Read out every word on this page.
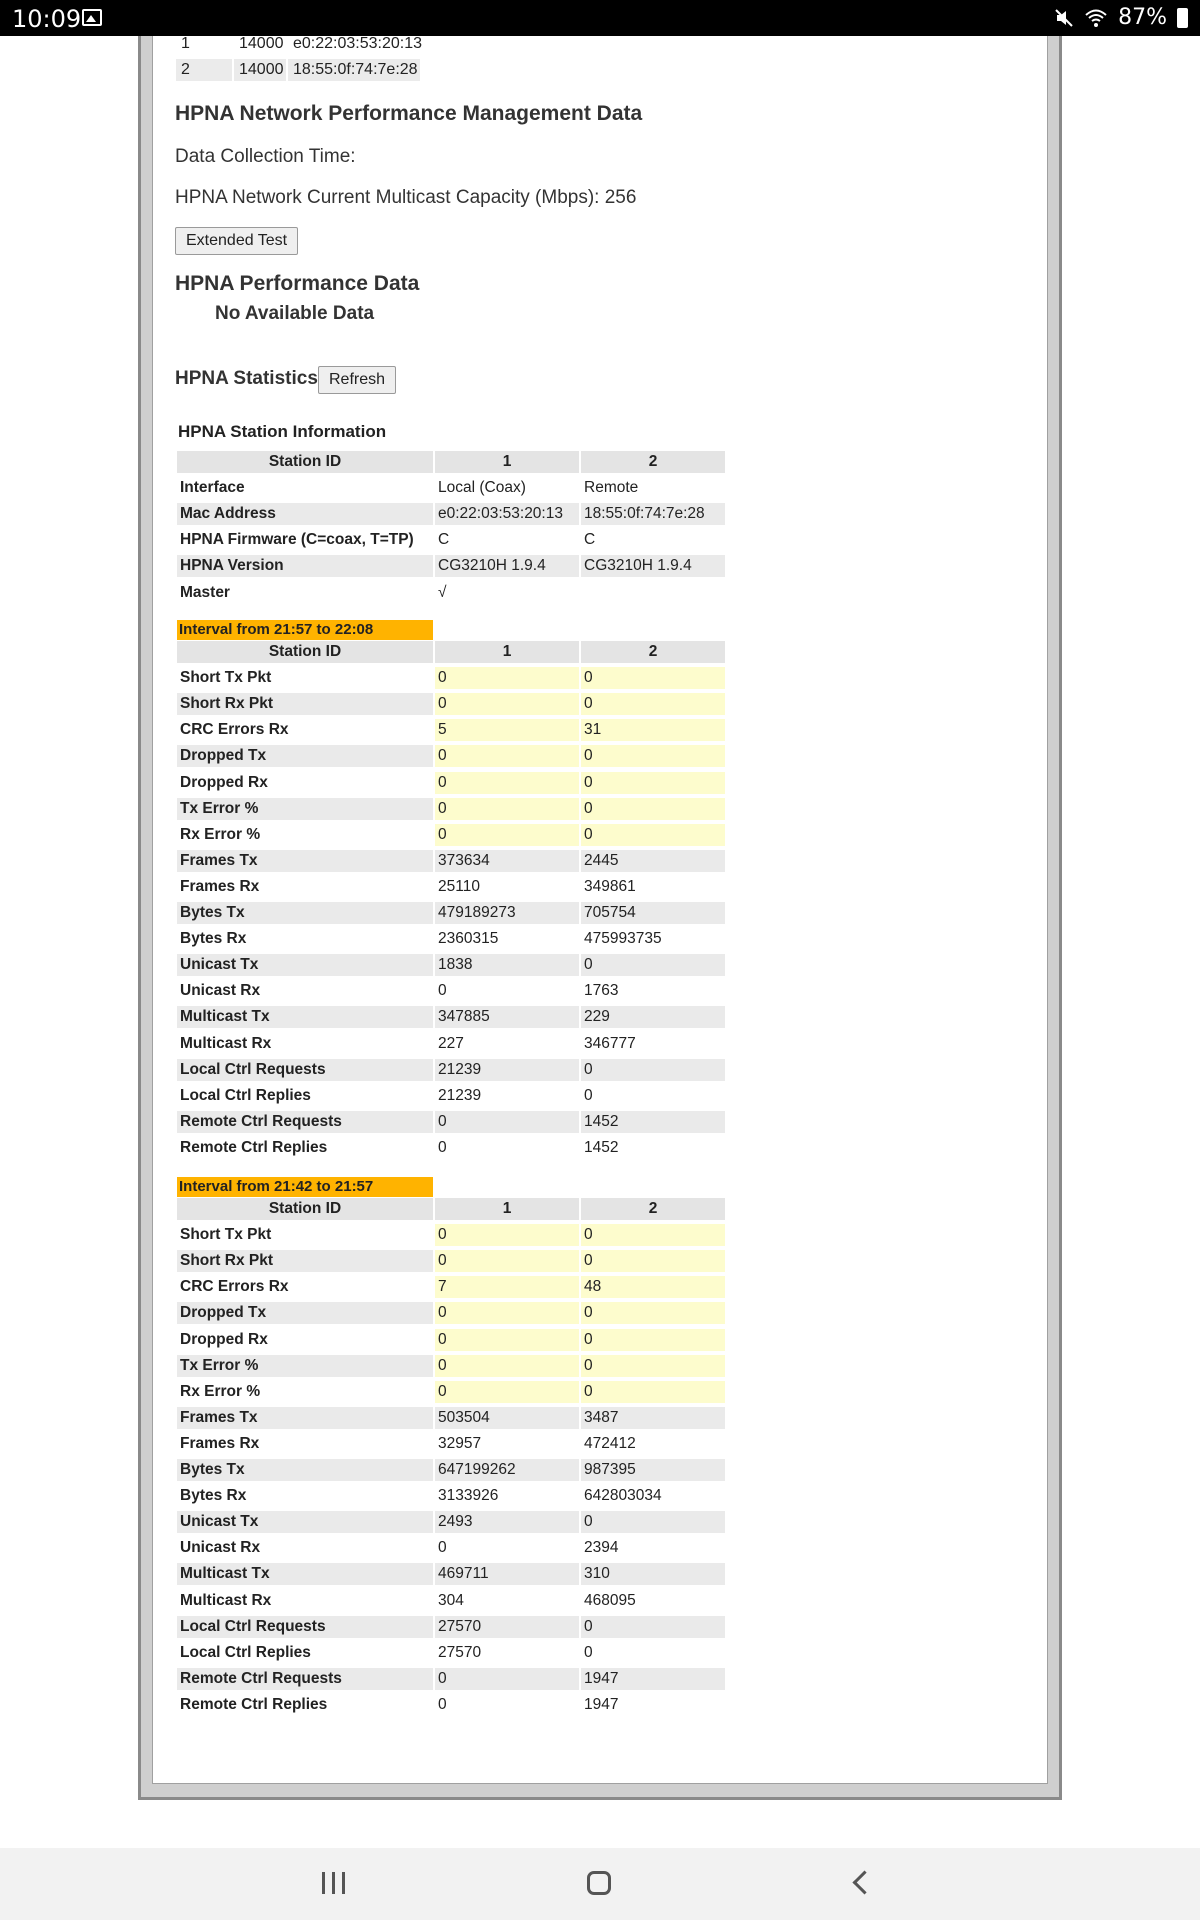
10:09	87%
1	14000 e0:22:03:53:20:13
2	14000 18:55:0f:74:7e:28
HPNA Network Performance Management Data
Data Collection Time:
HPNA Network Current Multicast Capacity (Mbps): 256
Extended Test
HPNA Performance Data
No Available Data
HPNA Statistics Refresh
HPNA Station Information
Station ID	1	2
Interface	Local (Coax)	Remote
Mac Address	e0:22:03:53:20:13	18:55:0f:74:7e:28
HPNA Firmware (C=coax, T=TP)	C	C
HPNA Version	CG3210H 1.9.4	CG3210H 1.9.4
Master	√
Interval from 21:57 to 22:08
Station ID	1	2
Short Tx Pkt	0	0
Short Rx Pkt	0	0
CRC Errors Rx	5	31
Dropped Tx	0	0
Dropped Rx	0	0
Tx Error %	0	0
Rx Error %	0	0
Frames Tx	373634	2445
Frames Rx	25110	349861
Bytes Tx	479189273	705754
Bytes Rx	2360315	475993735
Unicast Tx	1838	0
Unicast Rx	0	1763
Multicast Tx	347885	229
Multicast Rx	227	346777
Local Ctrl Requests	21239	0
Local Ctrl Replies	21239	0
Remote Ctrl Requests	0	1452
Remote Ctrl Replies	0	1452
Interval from 21:42 to 21:57
Station ID	1	2
Short Tx Pkt	0	0
Short Rx Pkt	0	0
CRC Errors Rx	7	48
Dropped Tx	0	0
Dropped Rx	0	0
Tx Error %	0	0
Rx Error %	0	0
Frames Tx	503504	3487
Frames Rx	32957	472412
Bytes Tx	647199262	987395
Bytes Rx	3133926	642803034
Unicast Tx	2493	0
Unicast Rx	0	2394
Multicast Tx	469711	310
Multicast Rx	304	468095
Local Ctrl Requests	27570	0
Local Ctrl Replies	27570	0
Remote Ctrl Requests	0	1947
Remote Ctrl Replies	0	1947
